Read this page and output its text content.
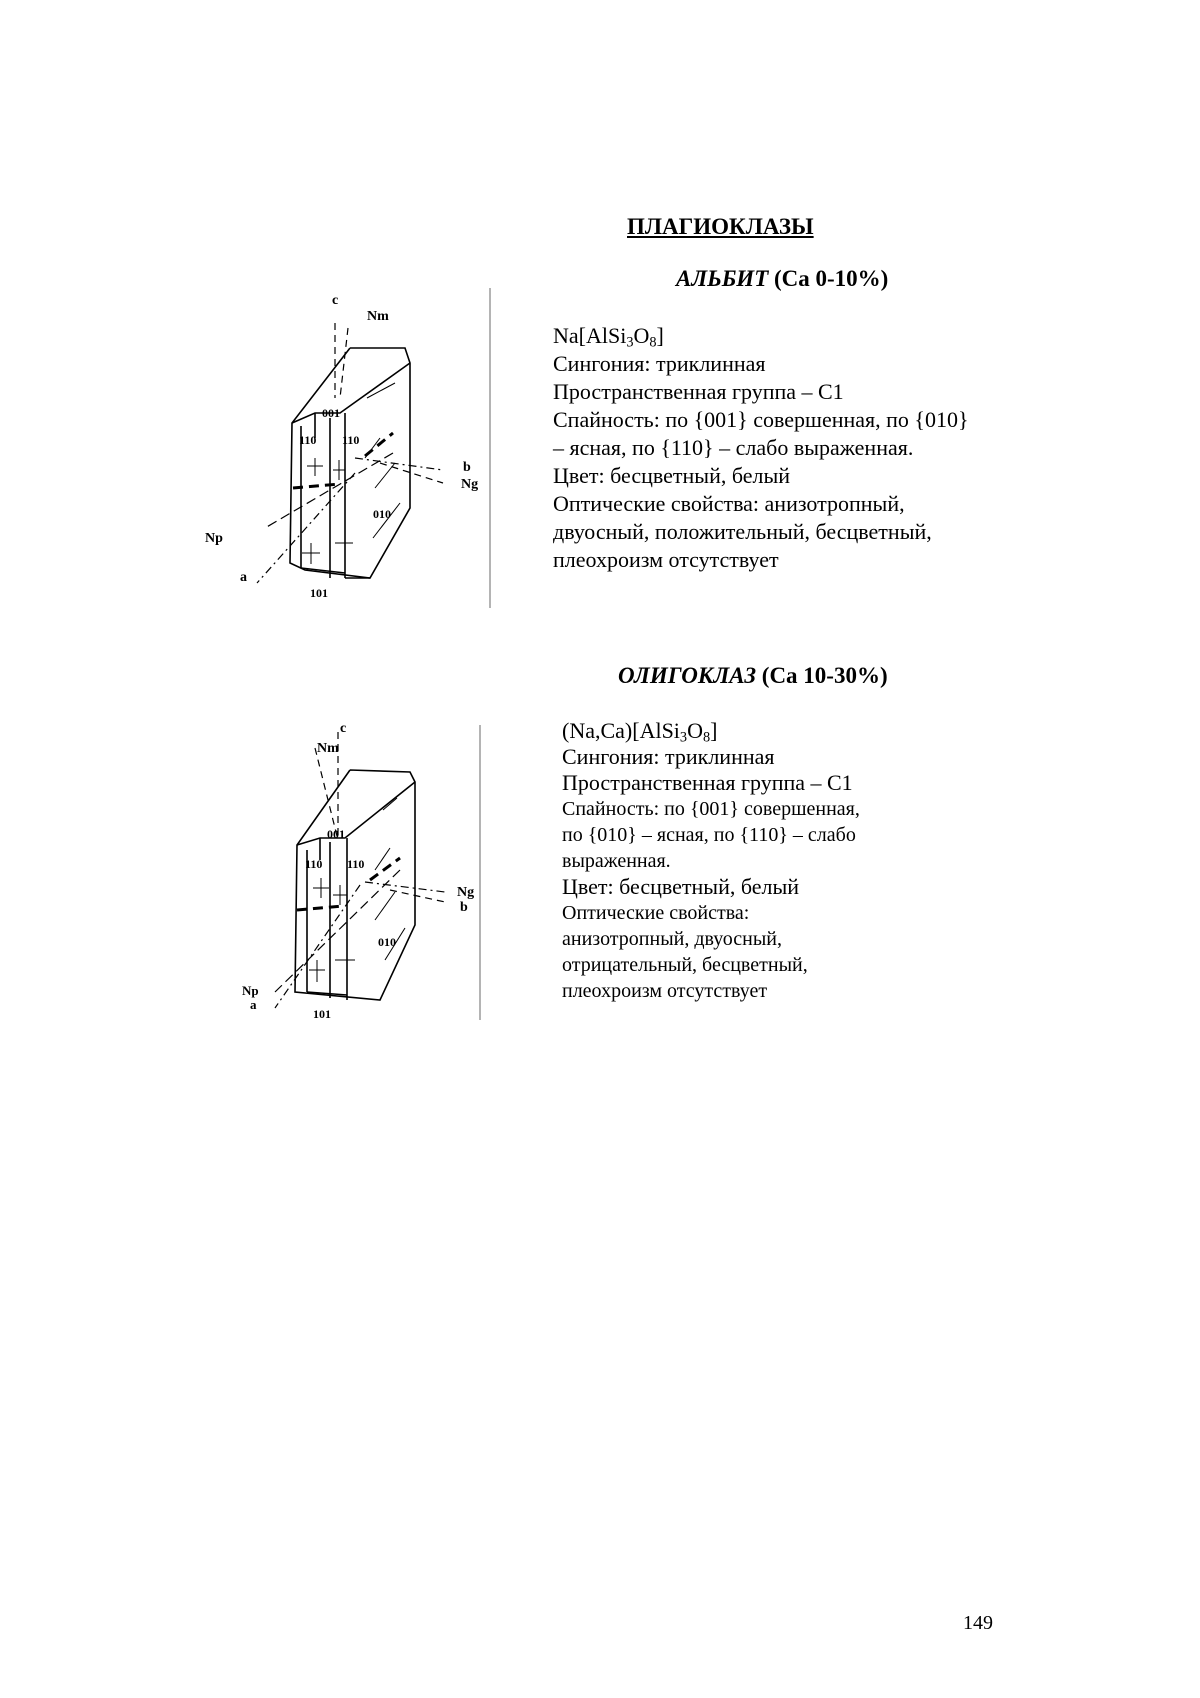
ПЛАГИОКЛАЗЫ
АЛЬБИТ (Ca 0-10%)
$Na[AlSi_3O_8]$
Сингония: триклинная
Пространственная группа – C1
Спайность: по {001} совершенная, по {010}
– ясная, по {110} – слабо выраженная.
Цвет: бесцветный, белый
Оптические свойства: анизотропный,
двуосный, положительный, бесцветный,
плеохроизм отсутствует
c
Nm
001
110 110
b
Ng
010
Np
a
101
ОЛИГОКЛАЗ (Ca 10-30%)
$(Na,Ca)[AlSi_3O_8]$
Сингония: триклинная
Пространственная группа – C1
Спайность: по {001} совершенная,
по {010} – ясная, по {110} – слабо
выраженная.
Цвет: бесцветный, белый
Оптические свойства:
анизотропный, двуосный,
отрицательный, бесцветный,
плеохроизм отсутствует
c
Nm
001
110 110
Ng
b
010
Np
a
101
149
